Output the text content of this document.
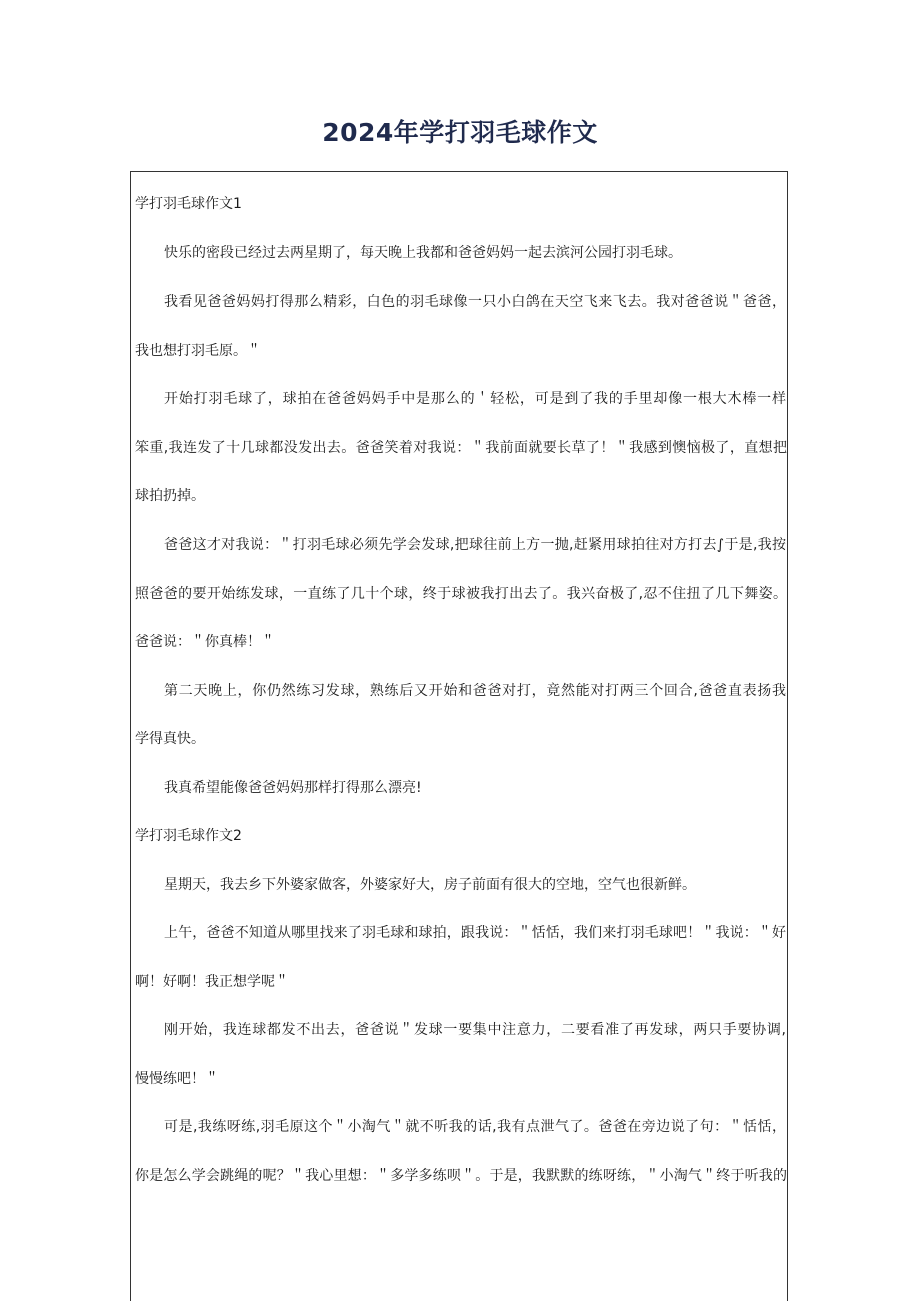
2024年学打羽毛球作文
学打羽毛球作文1
快乐的密段已经过去两星期了，每天晚上我都和爸爸妈妈一起去滨河公园打羽毛球。
我看见爸爸妈妈打得那么精彩，白色的羽毛球像一只小白鸽在天空飞来飞去。我对爸爸说＂爸爸，
我也想打羽毛原。＂
开始打羽毛球了，球拍在爸爸妈妈手中是那么的＇轻松，可是到了我的手里却像一根大木棒一样
笨重,我连发了十几球都没发出去。爸爸笑着对我说：＂我前面就要长草了！＂我感到懊恼极了，直想把
球拍扔掉。
爸爸这才对我说：＂打羽毛球必须先学会发球,把球往前上方一抛,赶紧用球拍往对方打去∫于是,我按
照爸爸的要开始练发球，一直练了几十个球，终于球被我打出去了。我兴奋极了,忍不住扭了几下舞姿。
爸爸说：＂你真棒！＂
第二天晚上，你仍然练习发球，熟练后又开始和爸爸对打，竟然能对打两三个回合,爸爸直表扬我
学得真快。
我真希望能像爸爸妈妈那样打得那么漂亮!
学打羽毛球作文2
星期天，我去乡下外婆家做客，外婆家好大，房子前面有很大的空地，空气也很新鲜。
上午，爸爸不知道从哪里找来了羽毛球和球拍，跟我说：＂恬恬，我们来打羽毛球吧！＂我说：＂好
啊！好啊！我正想学呢＂
刚开始，我连球都发不出去，爸爸说＂发球一要集中注意力，二要看准了再发球，两只手要协调,
慢慢练吧！＂
可是,我练呀练,羽毛原这个＂小淘气＂就不听我的话,我有点泄气了。爸爸在旁边说了句：＂恬恬，
你是怎么学会跳绳的呢？＂我心里想：＂多学多练呗＂。于是，我默默的练呀练，＂小淘气＂终于听我的
